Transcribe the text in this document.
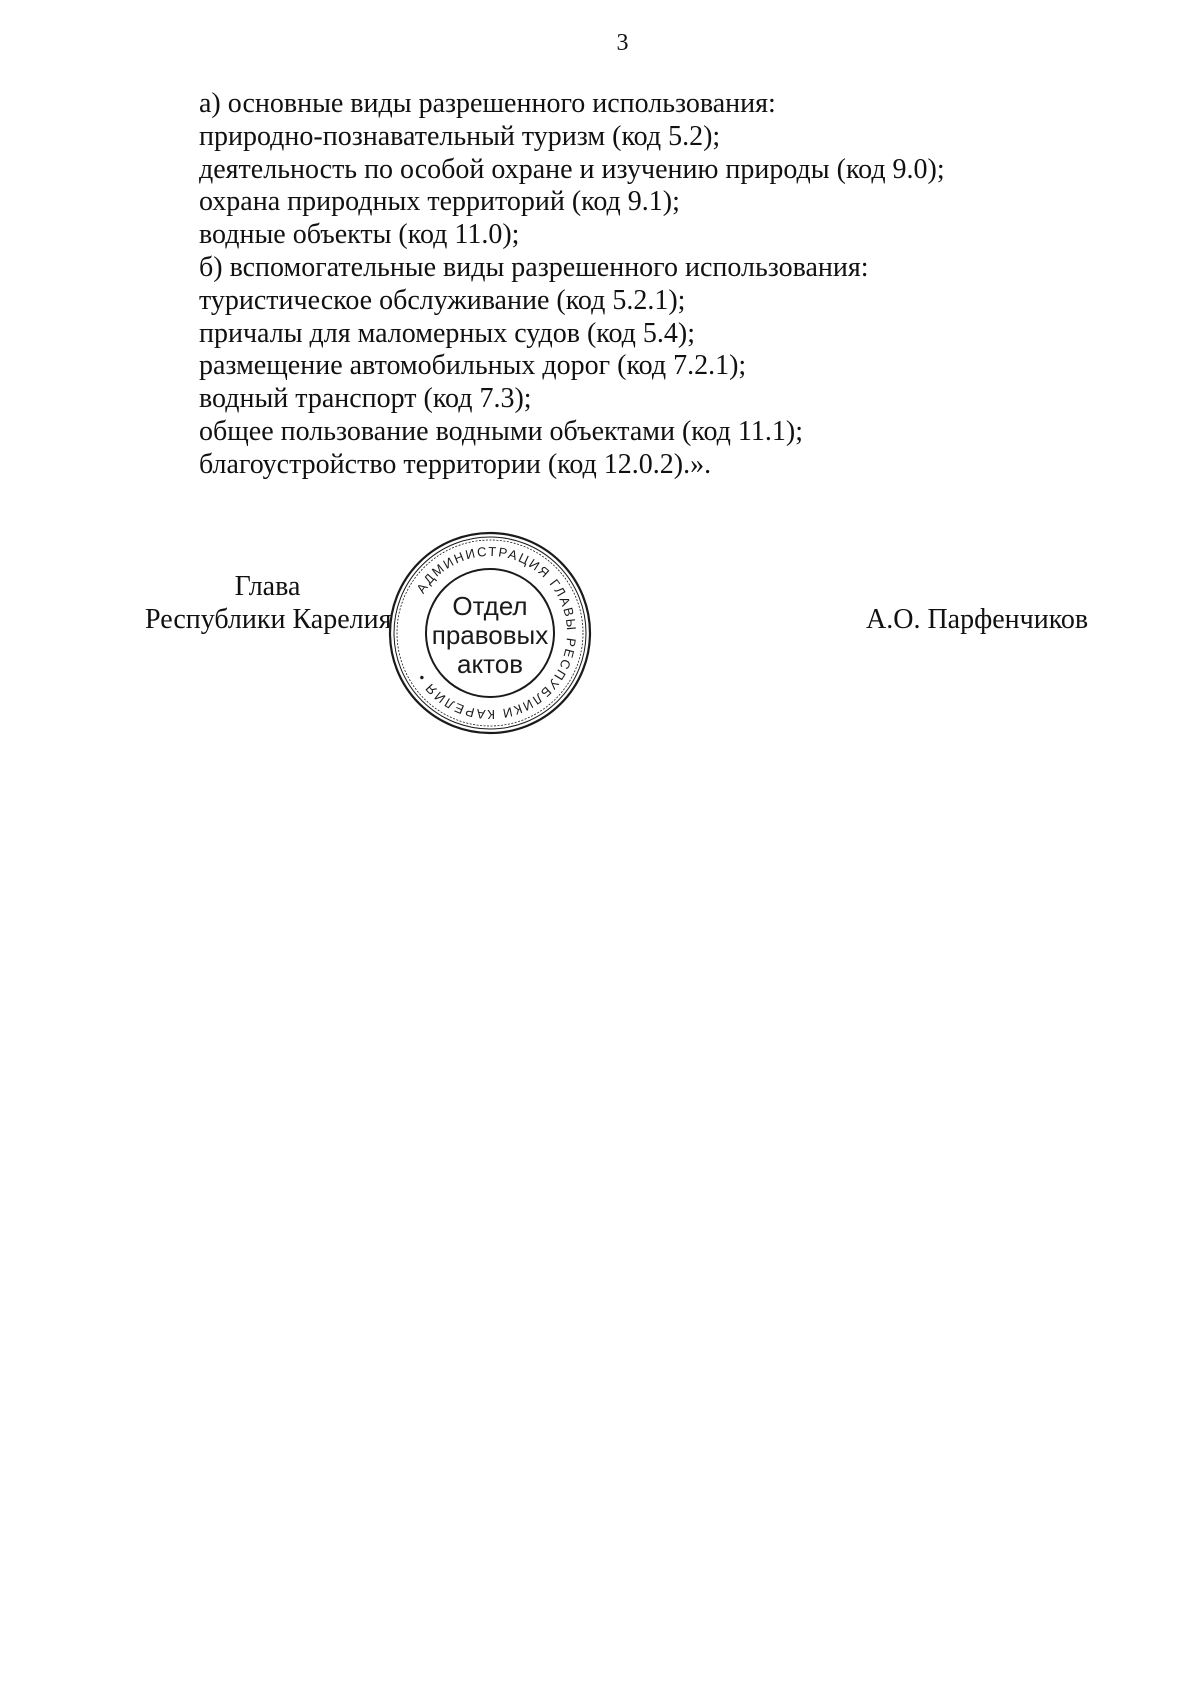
3
а) основные виды разрешенного использования:
природно-познавательный туризм (код 5.2);
деятельность по особой охране и изучению природы (код 9.0);
охрана природных территорий (код 9.1);
водные объекты (код 11.0);
б) вспомогательные виды разрешенного использования:
туристическое обслуживание (код 5.2.1);
причалы для маломерных судов (код 5.4);
размещение автомобильных дорог (код 7.2.1);
водный транспорт (код 7.3);
общее пользование водными объектами (код 11.1);
благоустройство территории (код 12.0.2).».
Глава
Республики Карелия
АДМИНИСТРАЦИЯ ГЛАВЫ РЕСПУБЛИКИ КАРЕЛИЯ •
Отдел
правовых
актов
А.О. Парфенчиков
